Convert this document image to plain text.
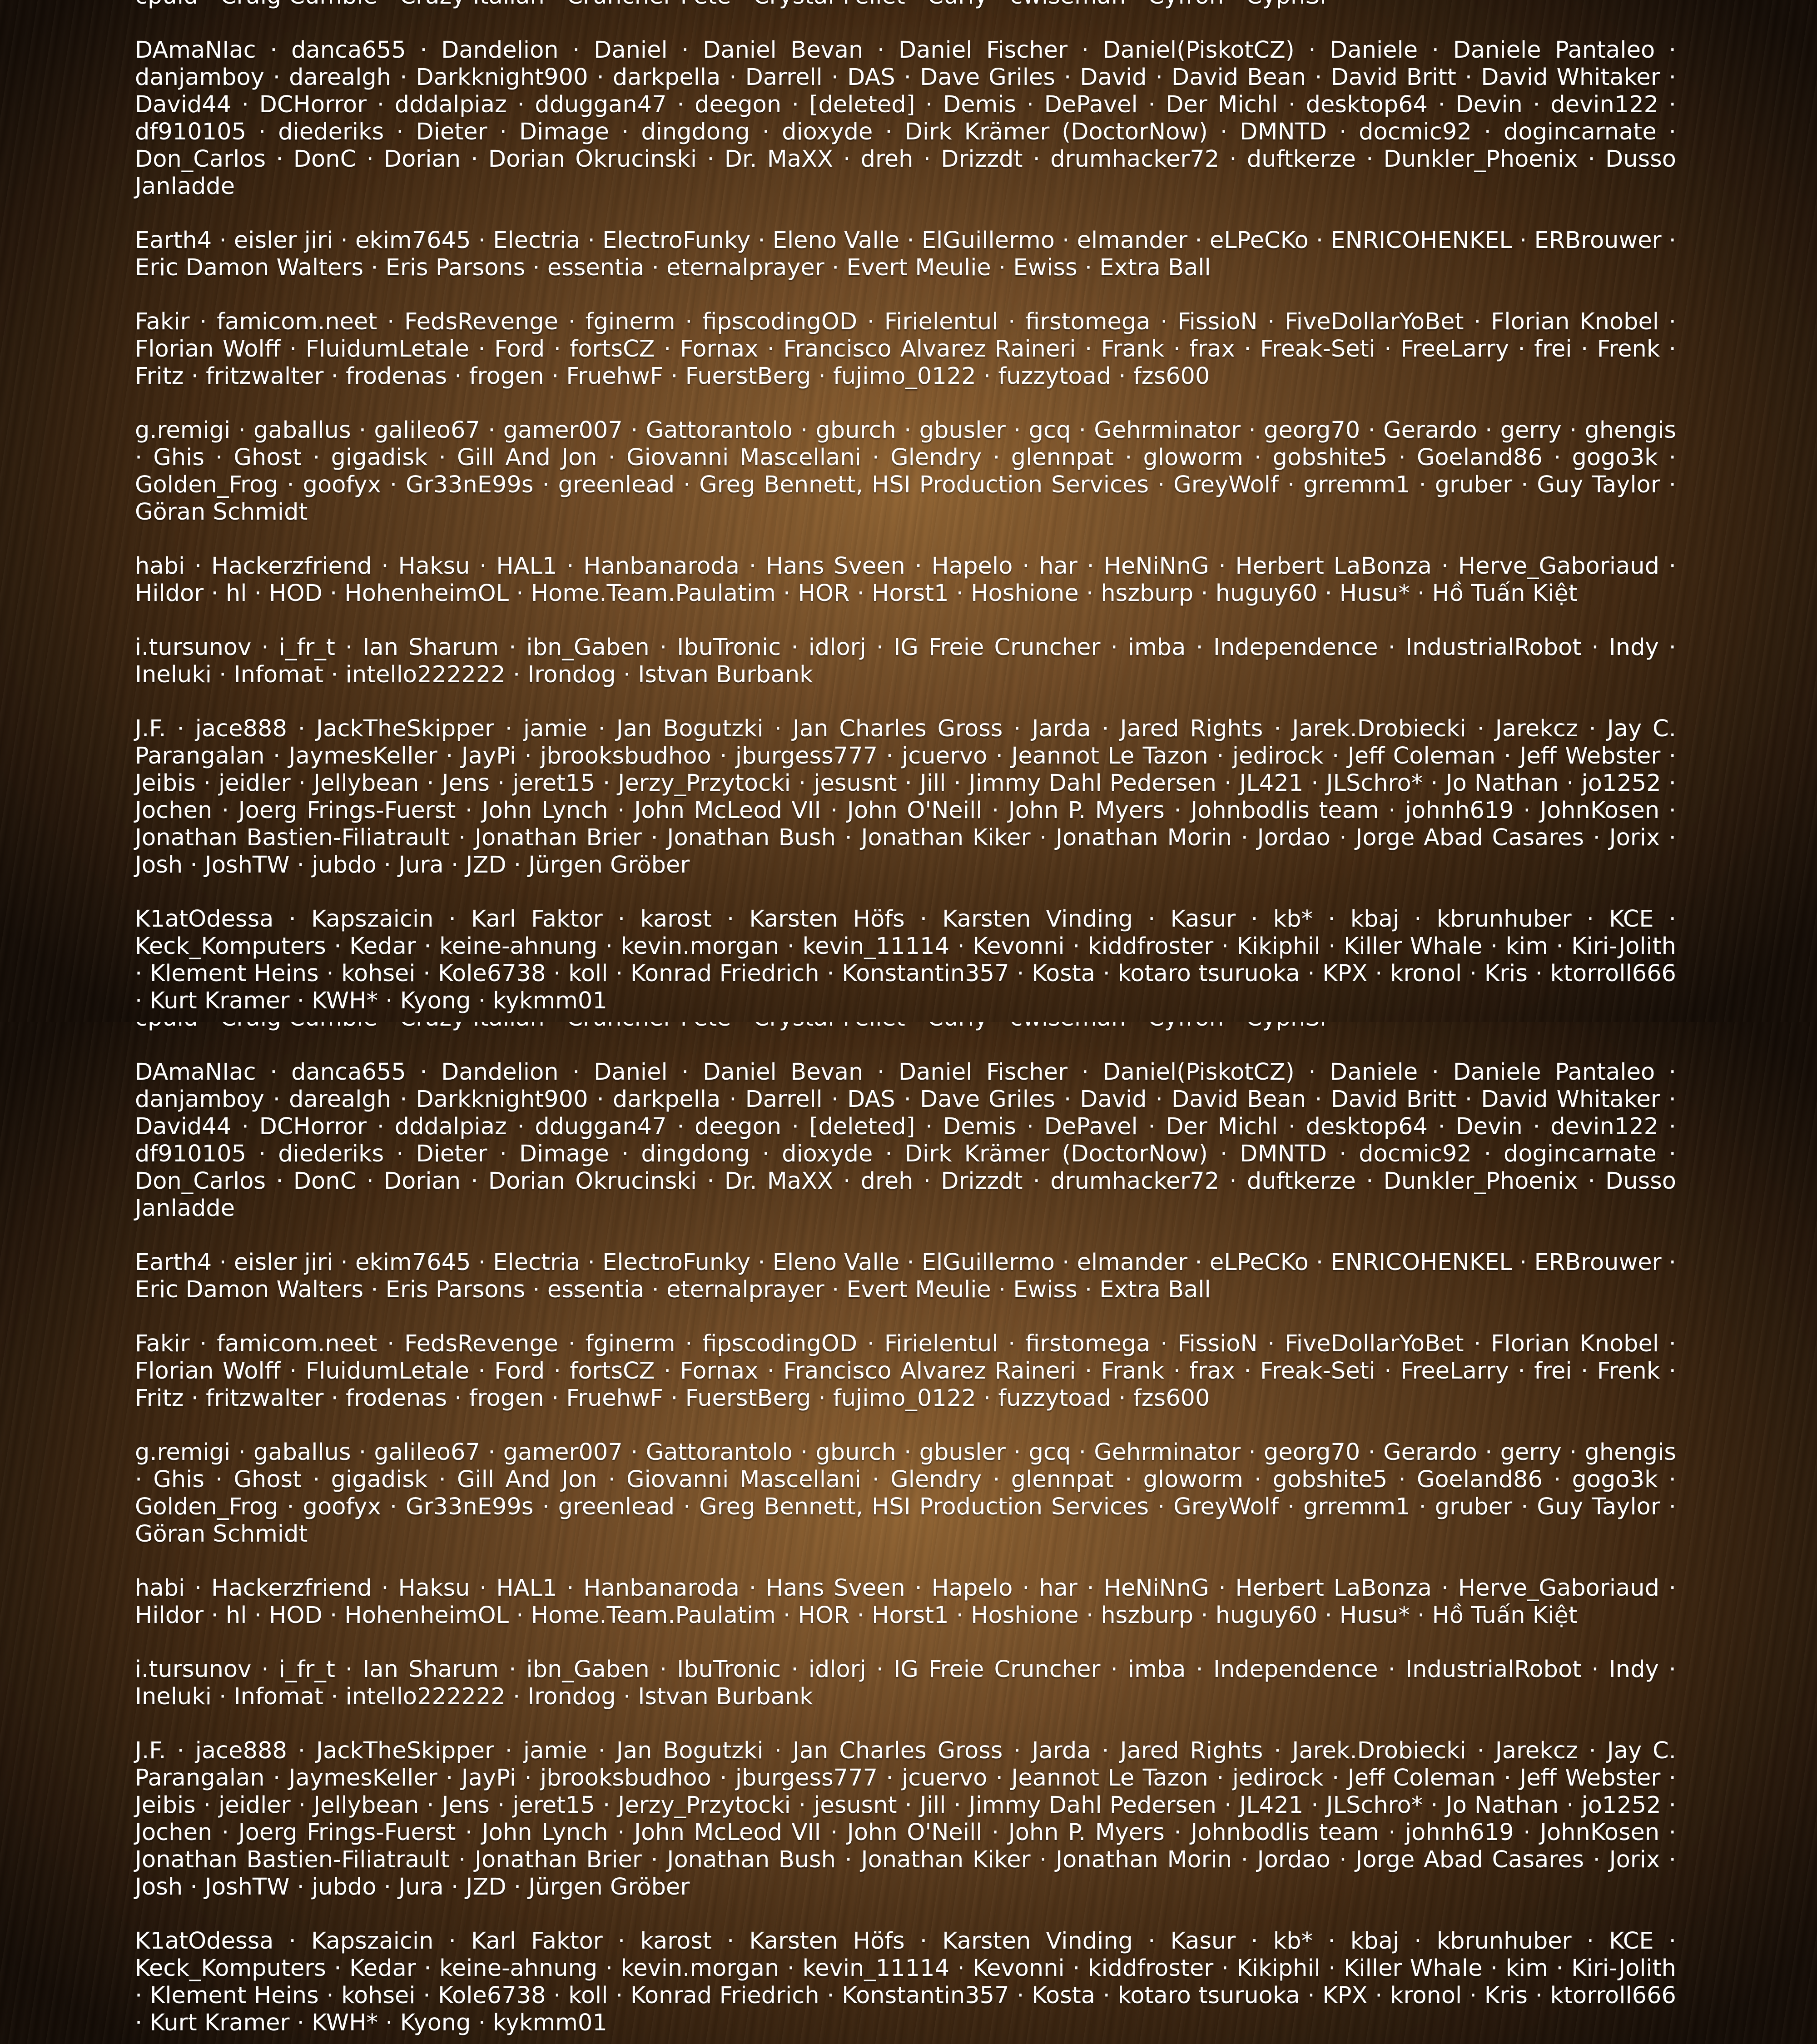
DAmaNIac · danca655 · Dandelion · Daniel · Daniel Bevan · Daniel Fischer · Daniel(PiskotCZ) · Daniele · Daniele Pantaleo · danjamboy · darealgh · Darkknight900 · darkpella · Darrell · DAS · Dave Griles · David · David Bean · David Britt · David Whitaker · David44 · DCHorror · dddalpiaz · dduggan47 · deegon · [deleted] · Demis · DePavel · Der Michl · desktop64 · Devin · devin122 · df910105 · diederiks · Dieter · Dimage · dingdong · dioxyde · Dirk Krämer (DoctorNow) · DMNTD · docmic92 · dogincarnate · Don_Carlos · DonC · Dorian · Dorian Okrucinski · Dr. MaXX · dreh · Drizzdt · drumhacker72 · duftkerze · Dunkler_Phoenix · Dusso Janladde
Earth4 · eisler jiri · ekim7645 · Electria · ElectroFunky · Eleno Valle · ElGuillermo · elmander · eLPeCKo · ENRICOHENKEL · ERBrouwer · Eric Damon Walters · Eris Parsons · essentia · eternalprayer · Evert Meulie · Ewiss · Extra Ball
Fakir · famicom.neet · FedsRevenge · fginerm · fipscodingOD · Firielentul · firstomega · FissioN · FiveDollarYoBet · Florian Knobel · Florian Wolff · FluidumLetale · Ford · fortsCZ · Fornax · Francisco Alvarez Raineri · Frank · frax · Freak-Seti · FreeLarry · frei · Frenk · Fritz · fritzwalter · frodenas · frogen · FruehwF · FuerstBerg · fujimo_0122 · fuzzytoad · fzs600
g.remigi · gaballus · galileo67 · gamer007 · Gattorantolo · gburch · gbusler · gcq · Gehrminator · georg70 · Gerardo · gerry · ghengis · Ghis · Ghost · gigadisk · Gill And Jon · Giovanni Mascellani · Glendry · glennpat · gloworm · gobshite5 · Goeland86 · gogo3k · Golden_Frog · goofyx · Gr33nE99s · greenlead · Greg Bennett, HSI Production Services · GreyWolf · grremm1 · gruber · Guy Taylor · Göran Schmidt
habi · Hackerzfriend · Haksu · HAL1 · Hanbanaroda · Hans Sveen · Hapelo · har · HeNiNnG · Herbert LaBonza · Herve_Gaboriaud · Hildor · hl · HOD · HohenheimOL · Home.Team.Paulatim · HOR · Horst1 · Hoshione · hszburp · huguy60 · Husu* · Hồ Tuấn Kiệt
i.tursunov · i_fr_t · Ian Sharum · ibn_Gaben · IbuTronic · idlorj · IG Freie Cruncher · imba · Independence · IndustrialRobot · Indy · Ineluki · Infomat · intello222222 · Irondog · Istvan Burbank
J.F. · jace888 · JackTheSkipper · jamie · Jan Bogutzki · Jan Charles Gross · Jarda · Jared Rights · Jarek.Drobiecki · Jarekcz · Jay C. Parangalan · JaymesKeller · JayPi · jbrooksbudhoo · jburgess777 · jcuervo · Jeannot Le Tazon · jedirock · Jeff Coleman · Jeff Webster · Jeibis · jeidler · Jellybean · Jens · jeret15 · Jerzy_Przytocki · jesusnt · Jill · Jimmy Dahl Pedersen · JL421 · JLSchro* · Jo Nathan · jo1252 · Jochen · Joerg Frings-Fuerst · John Lynch · John McLeod VII · John O'Neill · John P. Myers · Johnbodlis team · johnh619 · JohnKosen · Jonathan Bastien-Filiatrault · Jonathan Brier · Jonathan Bush · Jonathan Kiker · Jonathan Morin · Jordao · Jorge Abad Casares · Jorix · Josh · JoshTW · jubdo · Jura · JZD · Jürgen Gröber
K1atOdessa · Kapszaicin · Karl Faktor · karost · Karsten Höfs · Karsten Vinding · Kasur · kb* · kbaj · kbrunhuber · KCE · Keck_Komputers · Kedar · keine-ahnung · kevin.morgan · kevin_11114 · Kevonni · kiddfroster · Kikiphil · Killer Whale · kim · Kiri-Jolith · Klement Heins · kohsei · Kole6738 · koll · Konrad Friedrich · Konstantin357 · Kosta · kotaro tsuruoka · KPX · kronol · Kris · ktorroll666 · Kurt Kramer · KWH* · Kyong · kykmm01
DAmaNIac · danca655 · Dandelion · Daniel · Daniel Bevan · Daniel Fischer · Daniel(PiskotCZ) · Daniele · Daniele Pantaleo · danjamboy · darealgh · Darkknight900 · darkpella · Darrell · DAS · Dave Griles · David · David Bean · David Britt · David Whitaker · David44 · DCHorror · dddalpiaz · dduggan47 · deegon · [deleted] · Demis · DePavel · Der Michl · desktop64 · Devin · devin122 · df910105 · diederiks · Dieter · Dimage · dingdong · dioxyde · Dirk Krämer (DoctorNow) · DMNTD · docmic92 · dogincarnate · Don_Carlos · DonC · Dorian · Dorian Okrucinski · Dr. MaXX · dreh · Drizzdt · drumhacker72 · duftkerze · Dunkler_Phoenix · Dusso Janladde
Earth4 · eisler jiri · ekim7645 · Electria · ElectroFunky · Eleno Valle · ElGuillermo · elmander · eLPeCKo · ENRICOHENKEL · ERBrouwer · Eric Damon Walters · Eris Parsons · essentia · eternalprayer · Evert Meulie · Ewiss · Extra Ball
Fakir · famicom.neet · FedsRevenge · fginerm · fipscodingOD · Firielentul · firstomega · FissioN · FiveDollarYoBet · Florian Knobel · Florian Wolff · FluidumLetale · Ford · fortsCZ · Fornax · Francisco Alvarez Raineri · Frank · frax · Freak-Seti · FreeLarry · frei · Frenk · Fritz · fritzwalter · frodenas · frogen · FruehwF · FuerstBerg · fujimo_0122 · fuzzytoad · fzs600
g.remigi · gaballus · galileo67 · gamer007 · Gattorantolo · gburch · gbusler · gcq · Gehrminator · georg70 · Gerardo · gerry · ghengis · Ghis · Ghost · gigadisk · Gill And Jon · Giovanni Mascellani · Glendry · glennpat · gloworm · gobshite5 · Goeland86 · gogo3k · Golden_Frog · goofyx · Gr33nE99s · greenlead · Greg Bennett, HSI Production Services · GreyWolf · grremm1 · gruber · Guy Taylor · Göran Schmidt
habi · Hackerzfriend · Haksu · HAL1 · Hanbanaroda · Hans Sveen · Hapelo · har · HeNiNnG · Herbert LaBonza · Herve_Gaboriaud · Hildor · hl · HOD · HohenheimOL · Home.Team.Paulatim · HOR · Horst1 · Hoshione · hszburp · huguy60 · Husu* · Hồ Tuấn Kiệt
i.tursunov · i_fr_t · Ian Sharum · ibn_Gaben · IbuTronic · idlorj · IG Freie Cruncher · imba · Independence · IndustrialRobot · Indy · Ineluki · Infomat · intello222222 · Irondog · Istvan Burbank
J.F. · jace888 · JackTheSkipper · jamie · Jan Bogutzki · Jan Charles Gross · Jarda · Jared Rights · Jarek.Drobiecki · Jarekcz · Jay C. Parangalan · JaymesKeller · JayPi · jbrooksbudhoo · jburgess777 · jcuervo · Jeannot Le Tazon · jedirock · Jeff Coleman · Jeff Webster · Jeibis · jeidler · Jellybean · Jens · jeret15 · Jerzy_Przytocki · jesusnt · Jill · Jimmy Dahl Pedersen · JL421 · JLSchro* · Jo Nathan · jo1252 · Jochen · Joerg Frings-Fuerst · John Lynch · John McLeod VII · John O'Neill · John P. Myers · Johnbodlis team · johnh619 · JohnKosen · Jonathan Bastien-Filiatrault · Jonathan Brier · Jonathan Bush · Jonathan Kiker · Jonathan Morin · Jordao · Jorge Abad Casares · Jorix · Josh · JoshTW · jubdo · Jura · JZD · Jürgen Gröber
K1atOdessa · Kapszaicin · Karl Faktor · karost · Karsten Höfs · Karsten Vinding · Kasur · kb* · kbaj · kbrunhuber · KCE · Keck_Komputers · Kedar · keine-ahnung · kevin.morgan · kevin_11114 · Kevonni · kiddfroster · Kikiphil · Killer Whale · kim · Kiri-Jolith · Klement Heins · kohsei · Kole6738 · koll · Konrad Friedrich · Konstantin357 · Kosta · kotaro tsuruoka · KPX · kronol · Kris · ktorroll666 · Kurt Kramer · KWH* · Kyong · kykmm01
